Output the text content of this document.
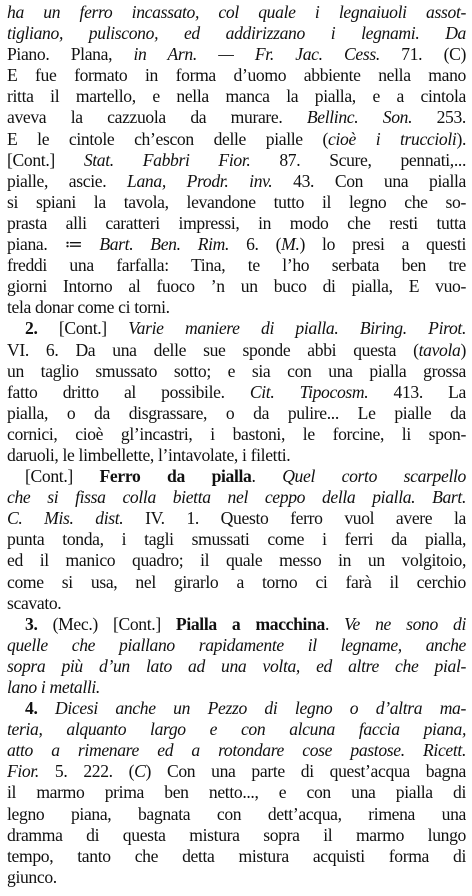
ha un ferro incassato, col quale i legnaiuoli assot-
tigliano, puliscono, ed addirizzano i legnami. Da
Piano. Plana, in Arn. — Fr. Jac. Cess. 71. (C)
E fue formato in forma d’uomo abbiente nella mano
ritta il martello, e nella manca la pialla, e a cintola
aveva la cazzuola da murare. Bellinc. Son. 253.
E le cintole ch’escon delle pialle (cioè i truccioli).
[Cont.] Stat. Fabbri Fior. 87. Scure, pennati,...
pialle, ascie. Lana, Prodr. inv. 43. Con una pialla
si spiani la tavola, levandone tutto il legno che so-
prasta alli caratteri impressi, in modo che resti tutta
piana. ≔ Bart. Ben. Rim. 6. (M.) lo presi a questi
freddi una farfalla: Tina, te l’ho serbata ben tre
giorni Intorno al fuoco ’n un buco di pialla, E vuo-
tela donar come ci torni.
2. [Cont.] Varie maniere di pialla. Biring. Pirot.
VI. 6. Da una delle sue sponde abbi questa (tavola)
un taglio smussato sotto; e sia con una pialla grossa
fatto dritto al possibile. Cit. Tipocosm. 413. La
pialla, o da disgrassare, o da pulire... Le pialle da
cornici, cioè gl’incastri, i bastoni, le forcine, li spon-
daruoli, le limbellette, l’intavolate, i filetti.
[Cont.] Ferro da pialla. Quel corto scarpello
che si fissa colla bietta nel ceppo della pialla. Bart.
C. Mis. dist. IV. 1. Questo ferro vuol avere la
punta tonda, i tagli smussati come i ferri da pialla,
ed il manico quadro; il quale messo in un volgitoio,
come si usa, nel girarlo a torno ci farà il cerchio
scavato.
3. (Mec.) [Cont.] Pialla a macchina. Ve ne sono di
quelle che piallano rapidamente il legname, anche
sopra più d’un lato ad una volta, ed altre che pial-
lano i metalli.
4. Dicesi anche un Pezzo di legno o d’altra ma-
teria, alquanto largo e con alcuna faccia piana,
atto a rimenare ed a rotondare cose pastose. Ricett.
Fior. 5. 222. (C) Con una parte di quest’acqua bagna
il marmo prima ben netto..., e con una pialla di
legno piana, bagnata con dett’acqua, rimena una
dramma di questa mistura sopra il marmo lungo
tempo, tanto che detta mistura acquisti forma di
giunco.
